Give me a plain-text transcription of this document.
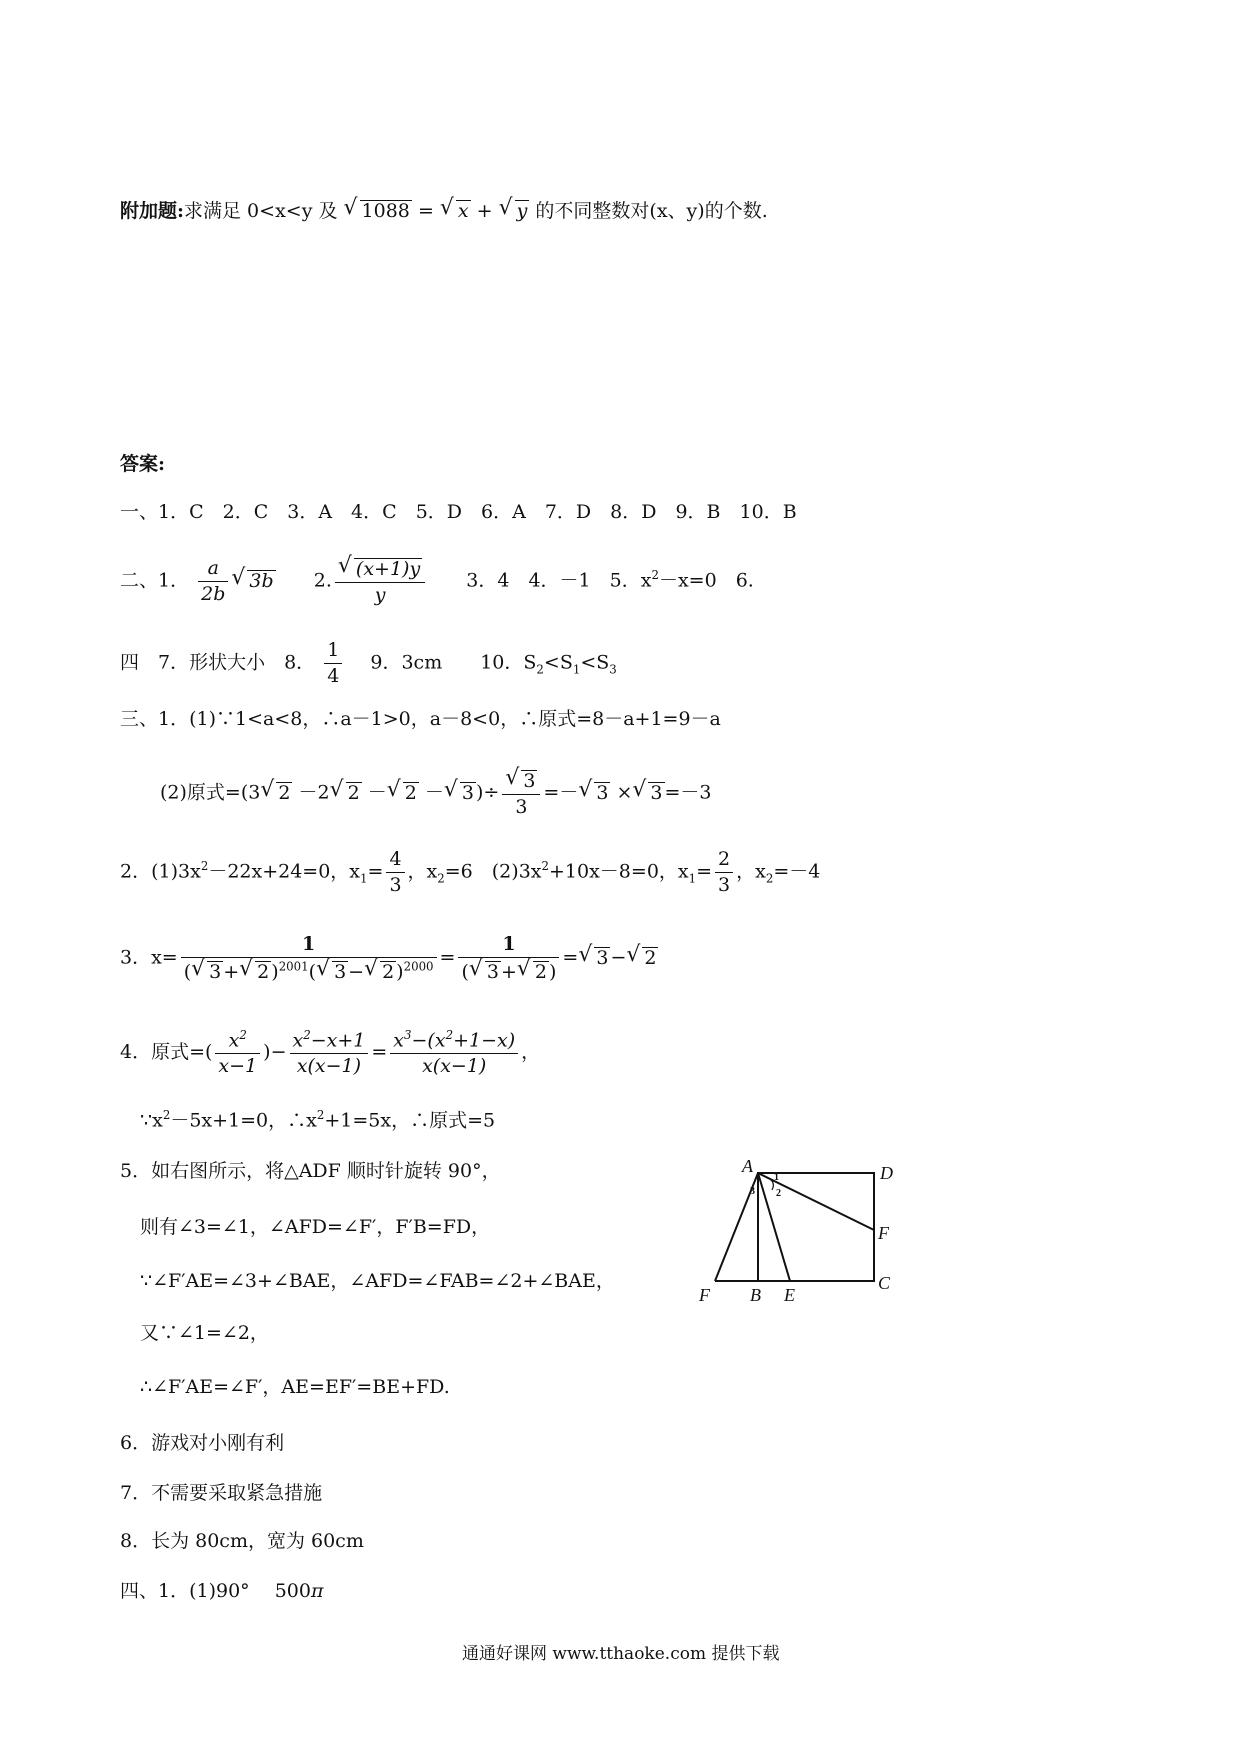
附加题:求满足 0<x<y 及 √ 1088 = √ x + √ y 的不同整数对(x、y)的个数.
答案:
一、1．C　2．C　3．A　4．C　5．D　6．A　7．D　8．D　9．B　10．B
二、1． $\frac{a}{2b}$ √ 3b 2. √ $\frac{(x+1)y}{y} 3$．4　4．－1　5．$x^2-x=0$　6.
四　7．形状大小　8． $\frac{1}{4}$ 　9．3cm　　10．$S_2<S_1<S_3$
三、1．(1)∵1<a<8，∴a－1>0，a－8<0，∴原式=8－a+1=9－a
(2)原式=(3 √ 2 －2 √ 2 － √ 2 － √ 3 )÷ √ $\frac{3}{3}$ =－ √ 3 × √ 3 =－3
2．$(1)3x^2-22x+24=0$，$x_1= \frac{4}{3}$ ，$x_2=6$　$(2)3x^2+10x-8=0$，$x_1= \frac{2}{3}$ ，$x_2=-4$
3．$x= \frac{1}{( √ 3 + √ 2 )^{2001}( √ 3 - √ 2 )^{2000}} = \frac{1}{( √ 3 + √ 2 )}$ = √ 3 − √ 2
4．原式=( $\frac{x^2}{x-1}$ )− $\frac{x^2-x+1}{x(x-1)} = \frac{x^3-(x^2+1-x)}{x(x-1)}$ ，
$\because x^2-5x+1=0$，$\therefore x^2+1=5x$，∴原式=5
5．如右图所示，将△ADF 顺时针旋转 90°，
则有∠3=∠1，∠AFD=∠F′，F′B=FD，
∵∠F′AE=∠3+∠BAE，∠AFD=∠FAB=∠2+∠BAE，
又∵∠1=∠2，
∴∠F′AE=∠F′，AE=EF′=BE+FD.
A	D
F
C
F B E
1
2
3
6．游戏对小刚有利
7．不需要采取紧急措施
8．长为 80cm，宽为 60cm
四、1．(1)90°　 500π
通通好课网 www.tthaoke.com 提供下载
